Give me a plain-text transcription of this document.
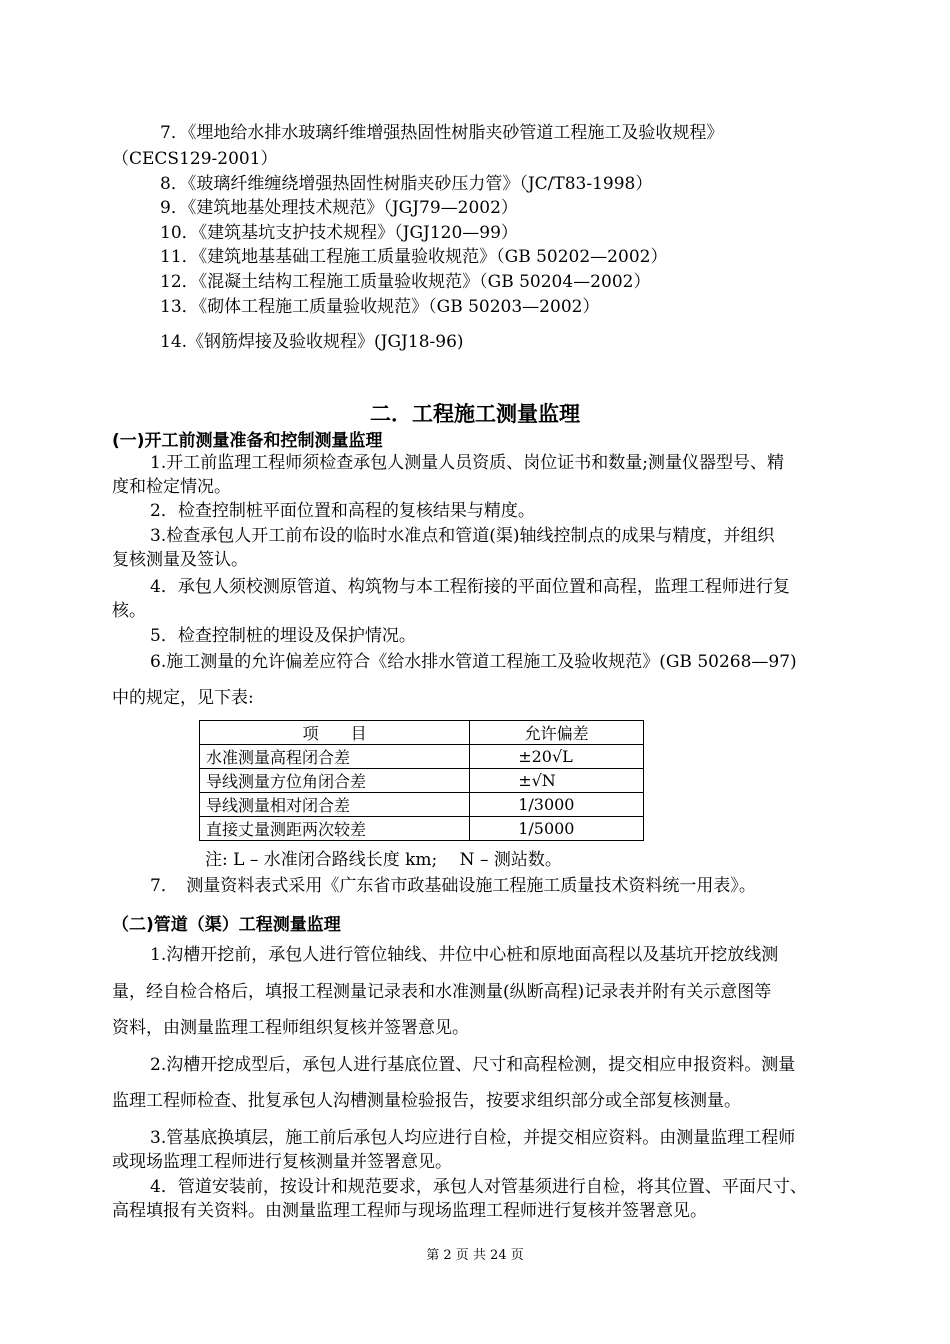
7．《埋地给水排水玻璃纤维增强热固性树脂夹砂管道工程施工及验收规程》
（CECS129-2001）
8．《玻璃纤维缠绕增强热固性树脂夹砂压力管》（JC/T83-1998）
9．《建筑地基处理技术规范》（JGJ79—2002）
10．《建筑基坑支护技术规程》（JGJ120—99）
11．《建筑地基基础工程施工质量验收规范》（GB 50202—2002）
12．《混凝土结构工程施工质量验收规范》（GB 50204—2002）
13．《砌体工程施工质量验收规范》（GB 50203—2002）
14.《钢筋焊接及验收规程》(JGJ18-96)
二．工程施工测量监理
(一)开工前测量准备和控制测量监理
1.开工前监理工程师须检查承包人测量人员资质、岗位证书和数量;测量仪器型号、精
度和检定情况。
2．检查控制桩平面位置和高程的复核结果与精度。
3.检查承包人开工前布设的临时水准点和管道(渠)轴线控制点的成果与精度，并组织
复核测量及签认。
4．承包人须校测原管道、构筑物与本工程衔接的平面位置和高程，监理工程师进行复
核。
5．检查控制桩的埋设及保护情况。
6.施工测量的允许偏差应符合《给水排水管道工程施工及验收规范》(GB 50268—97)
中的规定，见下表:
项　　目	允许偏差
水准测量高程闭合差	±20√L
导线测量方位角闭合差	±√N
导线测量相对闭合差	1/3000
直接丈量测距两次较差	1/5000
注: L – 水准闭合路线长度 km;　 N – 测站数。
7．　测量资料表式采用《广东省市政基础设施工程施工质量技术资料统一用表》。
（二)管道（渠）工程测量监理
1.沟槽开挖前，承包人进行管位轴线、井位中心桩和原地面高程以及基坑开挖放线测
量，经自检合格后，填报工程测量记录表和水准测量(纵断高程)记录表并附有关示意图等
资料，由测量监理工程师组织复核并签署意见。
2.沟槽开挖成型后，承包人进行基底位置、尺寸和高程检测，提交相应申报资料。测量
监理工程师检查、批复承包人沟槽测量检验报告，按要求组织部分或全部复核测量。
3.管基底换填层，施工前后承包人均应进行自检，并提交相应资料。由测量监理工程师
或现场监理工程师进行复核测量并签署意见。
4．管道安装前，按设计和规范要求，承包人对管基须进行自检，将其位置、平面尺寸、
高程填报有关资料。由测量监理工程师与现场监理工程师进行复核并签署意见。
第 2 页 共 24 页
